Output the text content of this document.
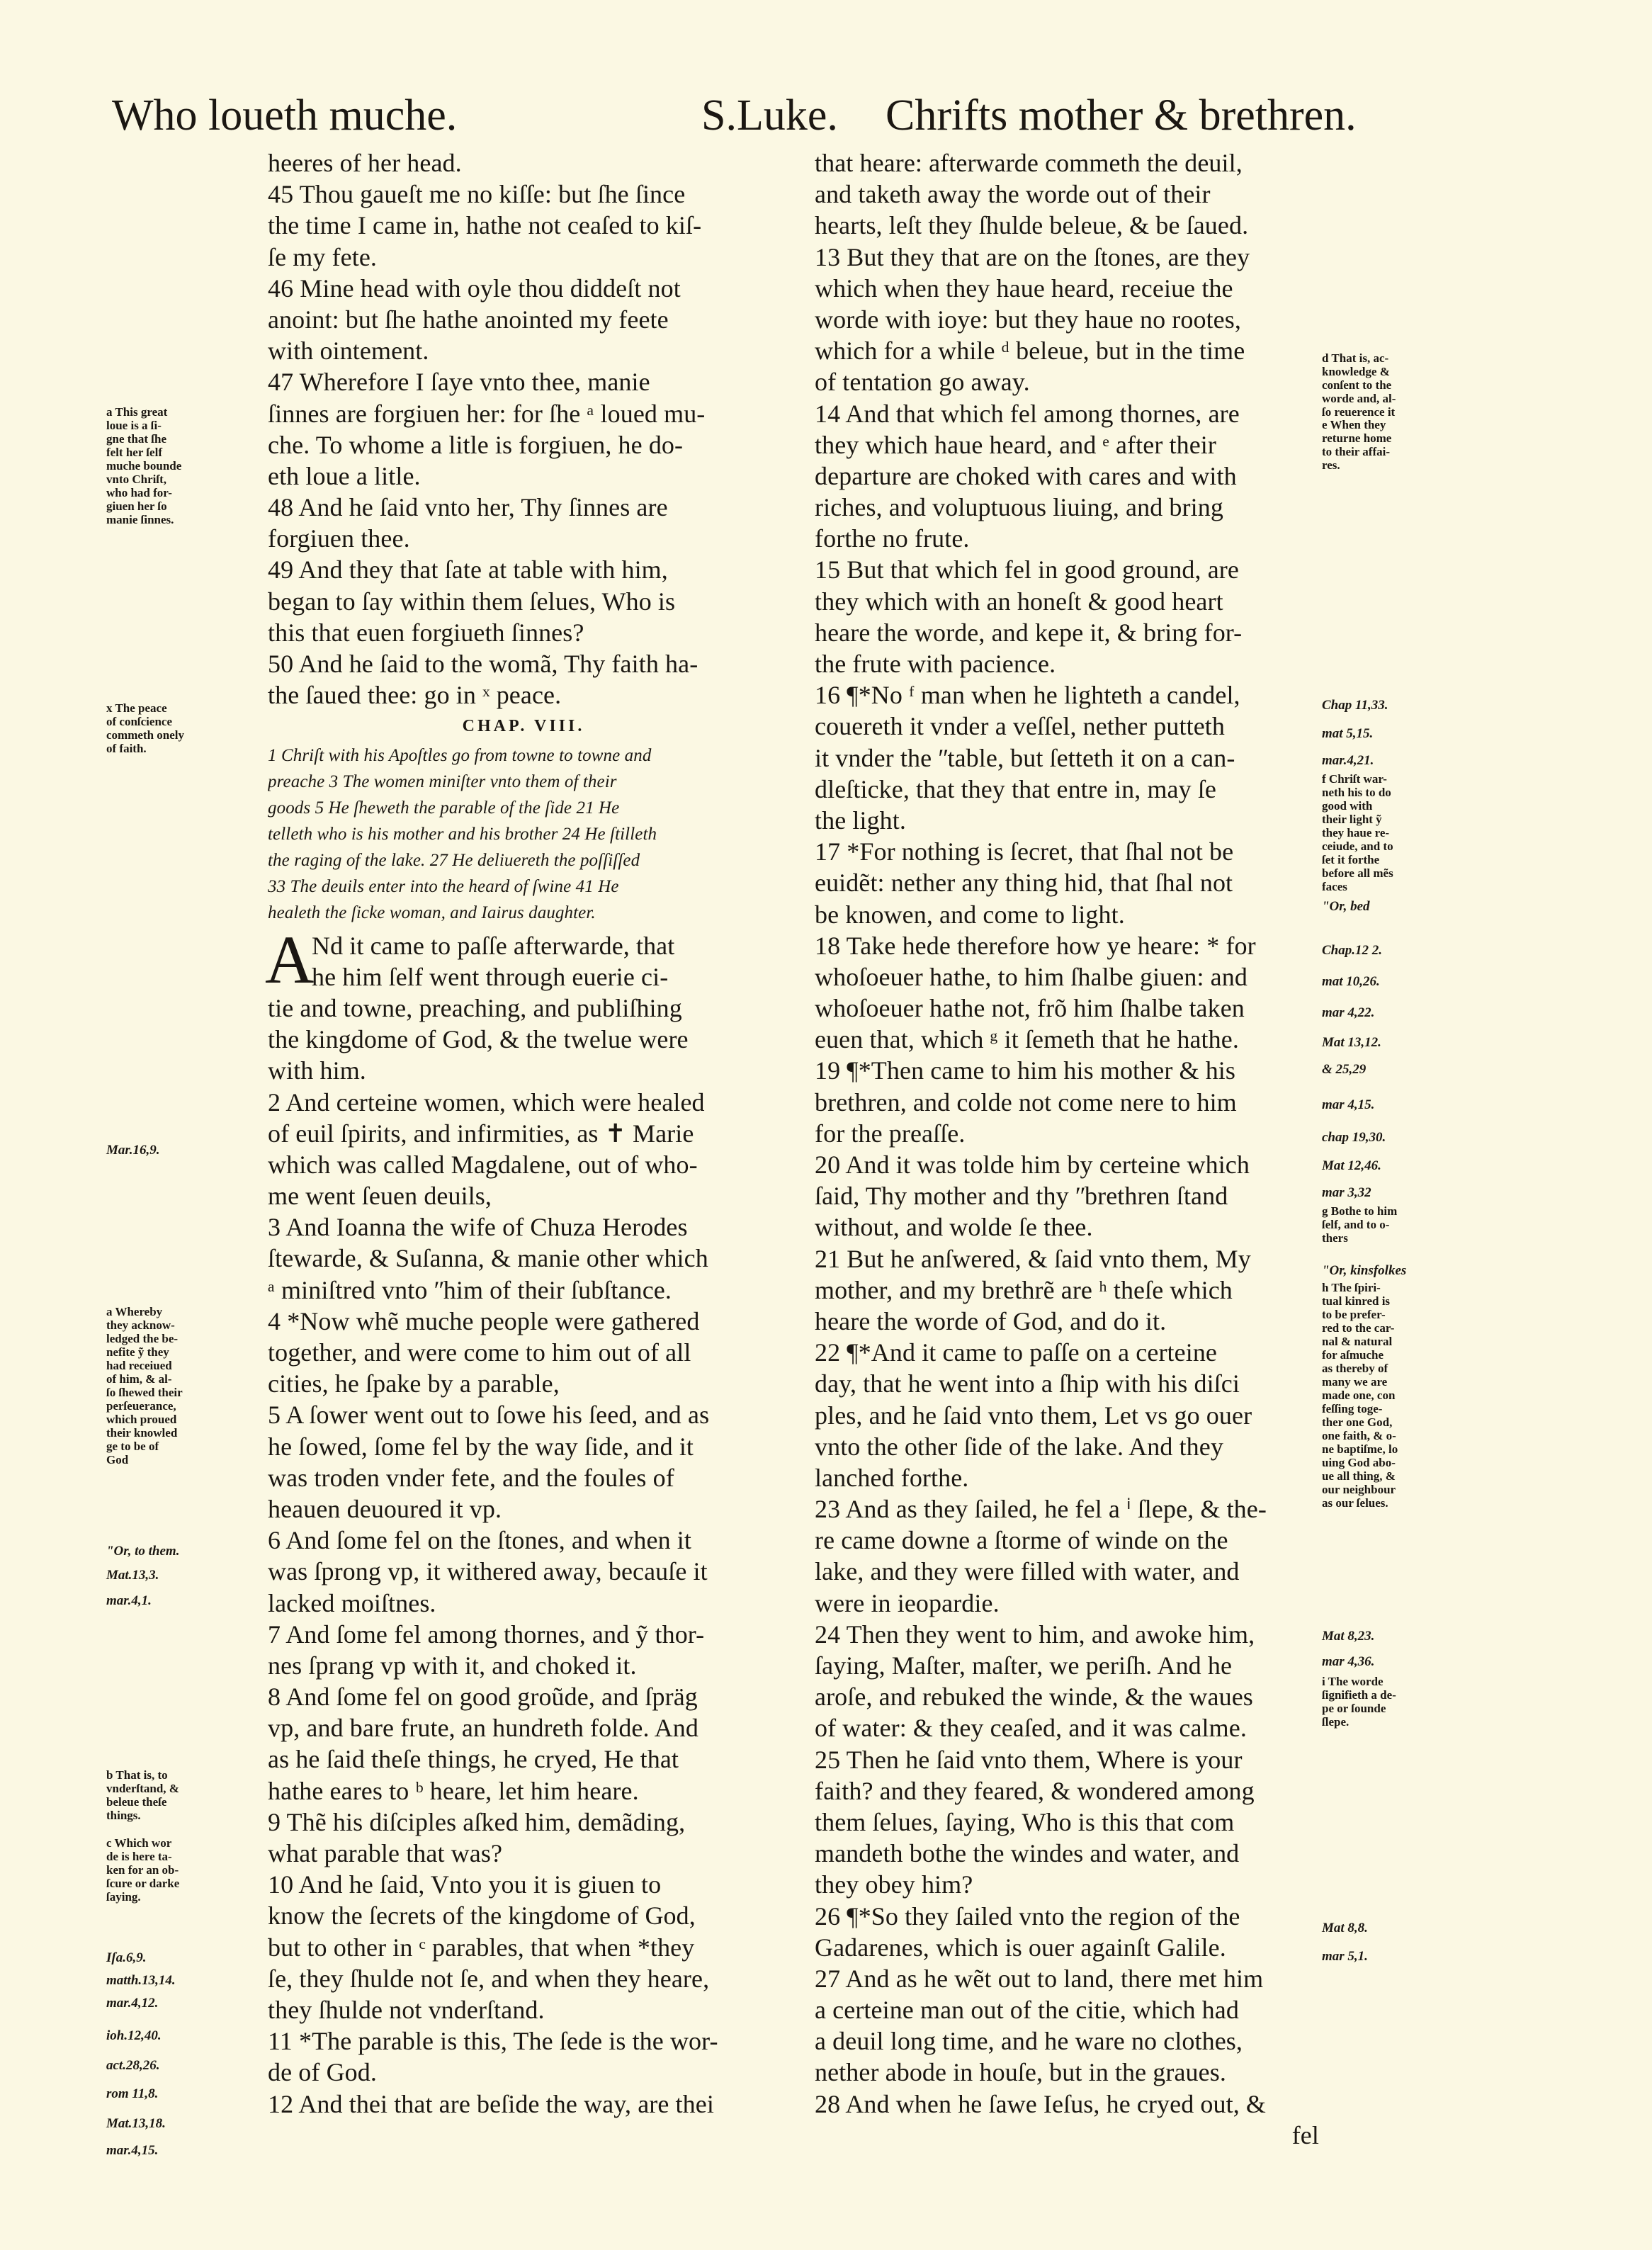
Who loueth muche.	S.Luke. Chrifts mother & brethren.
heeres of her head.
45 Thou gaueſt me no kiſſe: but ſhe ſince
the time I came in, hathe not ceaſed to kiſ-
ſe my fete.
46 Mine head with oyle thou diddeſt not
anoint: but ſhe hathe anointed my feete
with ointement.
47 Wherefore I ſaye vnto thee, manie
ſinnes are forgiuen her: for ſhe ᵃ loued mu-
che. To whome a litle is forgiuen, he do-
eth loue a litle.
48 And he ſaid vnto her, Thy ſinnes are
forgiuen thee.
49 And they that ſate at table with him,
began to ſay within them ſelues, Who is
this that euen forgiueth ſinnes?
50 And he ſaid to the womã, Thy faith ha-
the ſaued thee: go in ˣ peace.
CHAP. VIII.
1 Chriſt with his Apoſtles go from towne to towne and
preache 3 The women miniſter vnto them of their
goods 5 He ſheweth the parable of the ſide 21 He
telleth who is his mother and his brother 24 He ſtilleth
the raging of the lake. 27 He deliuereth the poſſiſſed
33 The deuils enter into the heard of ſwine 41 He
healeth the ſicke woman, and Iairus daughter.
Nd it came to paſſe afterwarde, that
he him ſelf went through euerie ci-
tie and towne, preaching, and publiſhing
the kingdome of God, & the twelue were
with him.
2 And certeine women, which were healed
of euil ſpirits, and infirmities, as ✝ Marie
which was called Magdalene, out of who-
me went ſeuen deuils,
3 And Ioanna the wife of Chuza Herodes
ſtewarde, & Suſanna, & manie other which
ᵃ miniſtred vnto ʺhim of their ſubſtance.
4 *Now whẽ muche people were gathered
together, and were come to him out of all
cities, he ſpake by a parable,
5 A ſower went out to ſowe his ſeed, and as
he ſowed, ſome fel by the way ſide, and it
was troden vnder fete, and the foules of
heauen deuoured it vp.
6 And ſome fel on the ſtones, and when it
was ſprong vp, it withered away, becauſe it
lacked moiſtnes.
7 And ſome fel among thornes, and ỹ thor-
nes ſprang vp with it, and choked it.
8 And ſome fel on good groũde, and ſpräg
vp, and bare frute, an hundreth folde. And
as he ſaid theſe things, he cryed, He that
hathe eares to ᵇ heare, let him heare.
9 Thẽ his diſciples aſked him, demãding,
what parable that was?
10 And he ſaid, Vnto you it is giuen to
know the ſecrets of the kingdome of God,
but to other in ᶜ parables, that when *they
ſe, they ſhulde not ſe, and when they heare,
they ſhulde not vnderſtand.
11 *The parable is this, The ſede is the wor-
de of God.
12 And thei that are beſide the way, are thei
A
that heare: afterwarde commeth the deuil,
and taketh away the worde out of their
hearts, leſt they ſhulde beleue, & be ſaued.
13 But they that are on the ſtones, are they
which when they haue heard, receiue the
worde with ioye: but they haue no rootes,
which for a while ᵈ beleue, but in the time
of tentation go away.
14 And that which fel among thornes, are
they which haue heard, and ᵉ after their
departure are choked with cares and with
riches, and voluptuous liuing, and bring
forthe no frute.
15 But that which fel in good ground, are
they which with an honeſt & good heart
heare the worde, and kepe it, & bring for-
the frute with pacience.
16 ¶*No ᶠ man when he lighteth a candel,
couereth it vnder a veſſel, nether putteth
it vnder the ʺtable, but ſetteth it on a can-
dleſticke, that they that entre in, may ſe
the light.
17 *For nothing is ſecret, that ſhal not be
euidẽt: nether any thing hid, that ſhal not
be knowen, and come to light.
18 Take hede therefore how ye heare: * for
whoſoeuer hathe, to him ſhalbe giuen: and
whoſoeuer hathe not, frõ him ſhalbe taken
euen that, which ᵍ it ſemeth that he hathe.
19 ¶*Then came to him his mother & his
brethren, and colde not come nere to him
for the preaſſe.
20 And it was tolde him by certeine which
ſaid, Thy mother and thy ʺbrethren ſtand
without, and wolde ſe thee.
21 But he anſwered, & ſaid vnto them, My
mother, and my brethrẽ are ʰ theſe which
heare the worde of God, and do it.
22 ¶*And it came to paſſe on a certeine
day, that he went into a ſhip with his diſci
ples, and he ſaid vnto them, Let vs go ouer
vnto the other ſide of the lake. And they
lanched forthe.
23 And as they ſailed, he fel a ⁱ ſlepe, & the-
re came downe a ſtorme of winde on the
lake, and they were filled with water, and
were in ieopardie.
24 Then they went to him, and awoke him,
ſaying, Maſter, maſter, we periſh. And he
aroſe, and rebuked the winde, & the waues
of water: & they ceaſed, and it was calme.
25 Then he ſaid vnto them, Where is your
faith? and they feared, & wondered among
them ſelues, ſaying, Who is this that com
mandeth bothe the windes and water, and
they obey him?
26 ¶*So they ſailed vnto the region of the
Gadarenes, which is ouer againſt Galile.
27 And as he wẽt out to land, there met him
a certeine man out of the citie, which had
a deuil long time, and he ware no clothes,
nether abode in houſe, but in the graues.
28 And when he ſawe Ieſus, he cryed out, &
fel
a This great
loue is a ſi-
gne that ſhe
felt her ſelf
muche bounde
vnto Chriſt,
who had for-
giuen her ſo
manie ſinnes.
x The peace
of conſcience
commeth onely
of faith.
Mar.16,9.
a Whereby
they acknow-
ledged the be-
nefite ỹ they
had receiued
of him, & al-
ſo ſhewed their
perſeuerance,
which proued
their knowled
ge to be of
God
ʺOr, to them.
Mat.13,3.
mar.4,1.
b That is, to
vnderſtand, &
beleue theſe
things.
c Which wor
de is here ta-
ken for an ob-
ſcure or darke
ſaying.
Iſa.6,9.
matth.13,14.
mar.4,12.
ioh.12,40.
act.28,26.
rom 11,8.
Mat.13,18.
mar.4,15.
d That is, ac-
knowledge &
conſent to the
worde and, al-
ſo reuerence it
e When they
returne home
to their affai-
res.
Chap 11,33.
mat 5,15.
mar.4,21.
f Chriſt war-
neth his to do
good with
their light ỹ
they haue re-
ceiude, and to
ſet it forthe
before all mẽs
faces
ʺOr, bed
Chap.12 2.
mat 10,26.
mar 4,22.
Mat 13,12.
& 25,29
mar 4,15.
chap 19,30.
Mat 12,46.
mar 3,32
g Bothe to him
ſelf, and to o-
thers
ʺOr, kinsfolkes
h The ſpiri-
tual kinred is
to be prefer-
red to the car-
nal & natural
for aſmuche
as thereby of
many we are
made one, con
feſſing toge-
ther one God,
one faith, & o-
ne baptiſme, lo
uing God abo-
ue all thing, &
our neighbour
as our ſelues.
Mat 8,23.
mar 4,36.
i The worde
ſignifieth a de-
pe or ſounde
ſlepe.
Mat 8,8.
mar 5,1.
